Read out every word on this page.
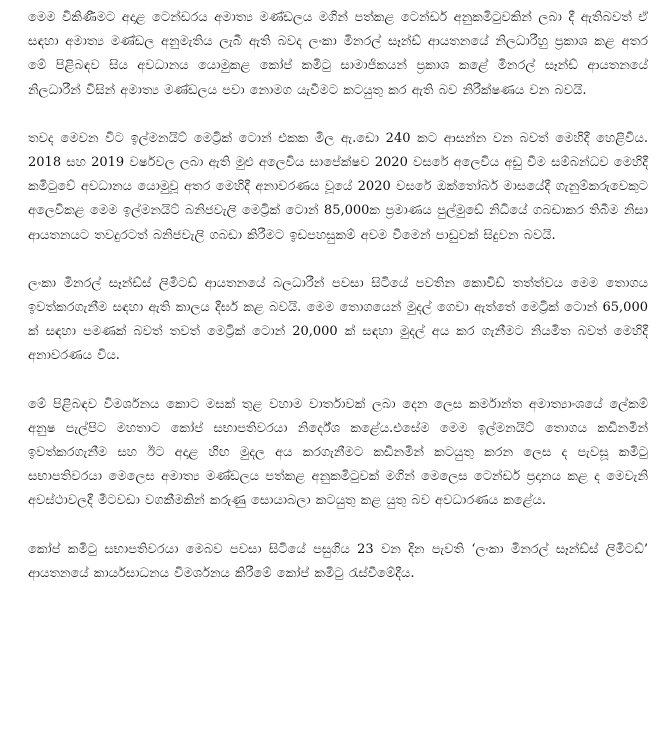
මෙම විකිණීමට අදාළ ටෙන්ඩරය අමාත්‍ය මණ්ඩලය මගින් පත්කළ ටෙන්ඩර් අනුකමිටුවකින් ලබා දී ඇතිබවත් ඒ සඳහා අමාත්‍ය මණ්ඩල අනුමැතිය ලැබී ඇති බවද ලංකා මිනරල් සෑන්ඩ් ආයතනයේ නිලධාරීහු ප්‍රකාශ කළ අතර මේ පිළිබඳව සිය අවධානය යොමුකළ කෝප් කමිටු සාමාජිකයන් ප්‍රකාශ කළේ මිනරල් සෑන්ඩ් ආයතනයේ නිලධාරීන් විසින් අමාත්‍ය මණ්ඩලය පවා නොමග යැවීමට කටයුතු කර ඇති බව නිරීක්ෂණය වන බවයි.

තවද මෙවන විට ඉල්මනයිට් මෙට්‍රික් ටොන් එකක මිල ඇ.ඩො 240 කට ආසන්න වන බවත් මෙහිදී හෙළිවිය. 2018 සහ 2019 වර්ෂවල ලබා ඇති මුළු අලෙවිය සාපේක්ෂව 2020 වසරේ අලෙවිය අඩු වීම සම්බන්ධව මෙහිදී කමිටුවේ අවධානය යොමුවූ අතර මෙහිදී අනාවරණය වූයේ 2020 වසරේ ඔක්තෝබර් මාසයේදී ගැනුම්කරුවෙකුට අලෙවිකළ මෙම ඉල්මනයිට් බනිජවැලි මෙට්‍රික් ටොන් 85,000ක ප්‍රමාණය පුල්මුඩේ නිධියේ ගබඩාකර තිබීම නිසා ආයතනයට තවදුරටත් බනිජවැලි ගබඩා කිරීමට ඉඩපහසුකම් අවම වීමෙන් පාඩුවක් සිදුවන බවයි.

ලංකා මිනරල් සෑන්ඩ්ස් ලිමිටඩ් ආයතනයේ බලධාරීන් පවසා සිටියේ පවතින කොවිඩ් තත්ත්වය මෙම තොගය ඉවත්කරගැනීම සඳහා ඇති කාලය දීර්ඝ කළ බවයි. මෙම තොගයෙන් මුදල් ගෙවා ඇත්තේ මෙට්‍රික් ටොන් 65,000 ක් සඳහා පමණක් බවත් තවත් මෙට්‍රික් ටොන් 20,000 ක් සඳහා මුදල් අය කර ගැනීමට නියමිත බවත් මෙහිදී අනාවරණය විය.

මේ පිළිබඳව විමර්ශනය කොට මසක් තුළ වහාම වාර්තාවක් ලබා දෙන ලෙස කර්මාන්ත අමාත්‍යාංශයේ ලේකම් අනුෂ පැල්පිට මහතාට කෝප් සභාපතිවරයා නිර්දේශ කළේය.එසේම මෙම ඉල්මනයිට් තොගය කඩිනමින් ඉවත්කරගැනීම සහ ඊට අදාළ හිඟ මුදල අය කරගැනීමට කඩිනමින් කටයුතු කරන ලෙස ද පැවසූ කමිටු සභාපතිවරයා මෙලෙස අමාත්‍ය මණ්ඩලය පත්කළ අනුකමිටුවක් මගින් මෙලෙස ටෙන්ඩර් ප්‍රදානය කළ ද මෙවැනි අවස්ථාවලදී මීටවඩා වගකීමකින් කරුණු සොයාබලා කටයුතු කළ යුතු බව අවධාරණය කළේය.

කෝප් කමිටු සභාපතිවරයා මෙබව පවසා සිටියේ පසුගිය 23 වන දින පැවති ‘ලංකා මිනරල් සෑන්ඩ්ස් ලිමිටඩ්’ ආයතනයේ කාර්යසාධනය විමර්ශනය කිරීමේ කෝප් කමිටු රැස්වීමේදීය.
